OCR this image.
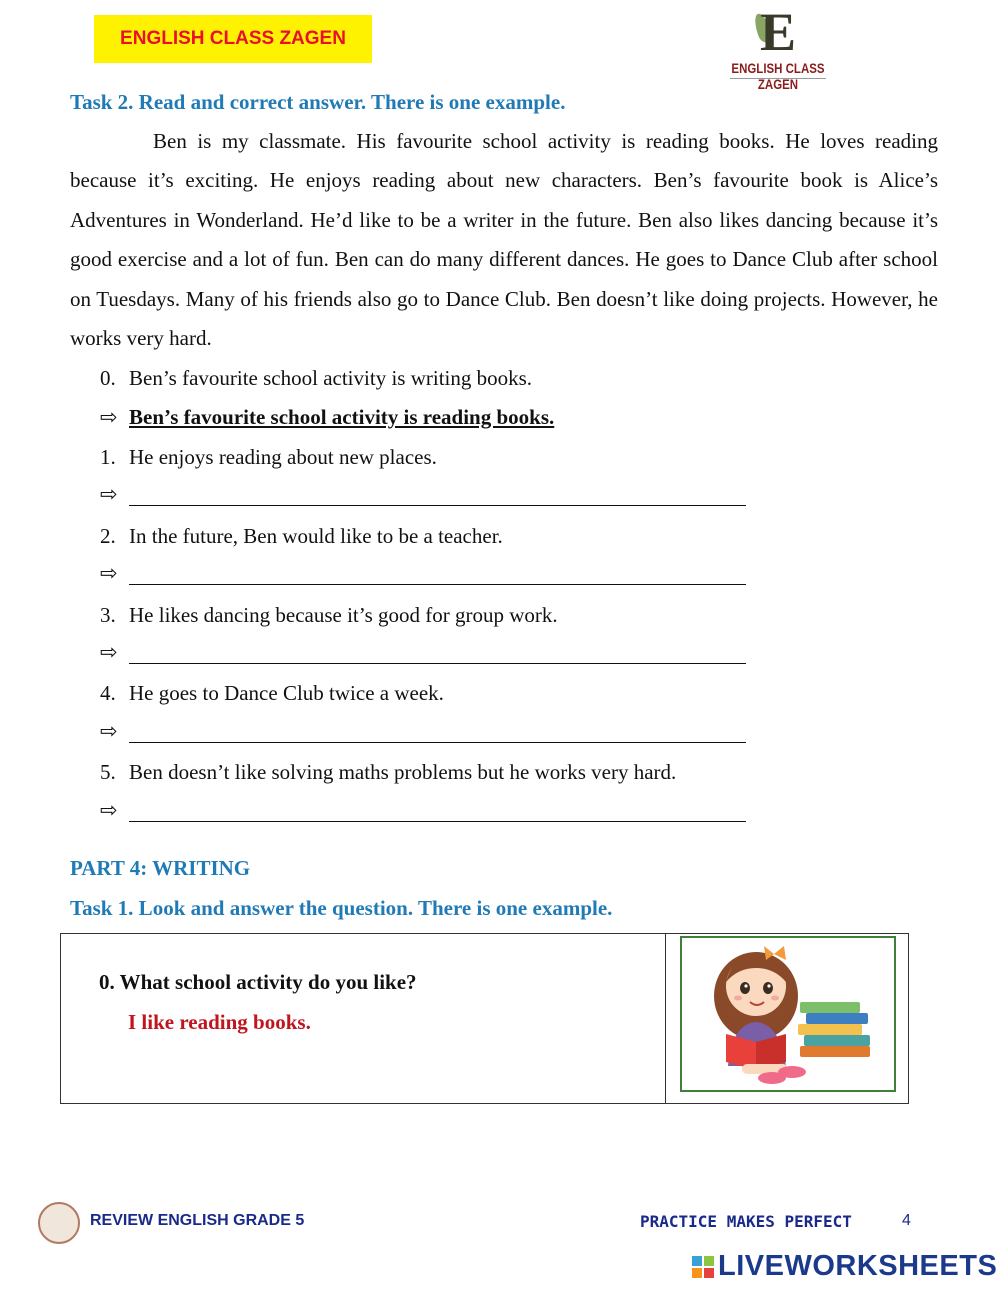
ENGLISH CLASS ZAGEN	E
ENGLISH CLASS ZAGEN
Task 2. Read and correct answer. There is one example.
Ben is my classmate. His favourite school activity is reading books. He loves reading because it’s exciting. He enjoys reading about new characters. Ben’s favourite book is Alice’s Adventures in Wonderland. He’d like to be a writer in the future. Ben also likes dancing because it’s good exercise and a lot of fun. Ben can do many different dances. He goes to Dance Club after school on Tuesdays. Many of his friends also go to Dance Club. Ben doesn’t like doing projects. However, he works very hard.
0. Ben’s favourite school activity is writing books.
⇨ Ben’s favourite school activity is reading books.
1. He enjoys reading about new places.
⇨
2. In the future, Ben would like to be a teacher.
⇨
3. He likes dancing because it’s good for group work.
⇨
4. He goes to Dance Club twice a week.
⇨
5. Ben doesn’t like solving maths problems but he works very hard.
⇨
PART 4: WRITING
Task 1. Look and answer the question. There is one example.
0. What school activity do you like?
I like reading books.
REVIEW ENGLISH GRADE 5	PRACTICE MAKES PERFECT	4
LIVEWORKSHEETS
